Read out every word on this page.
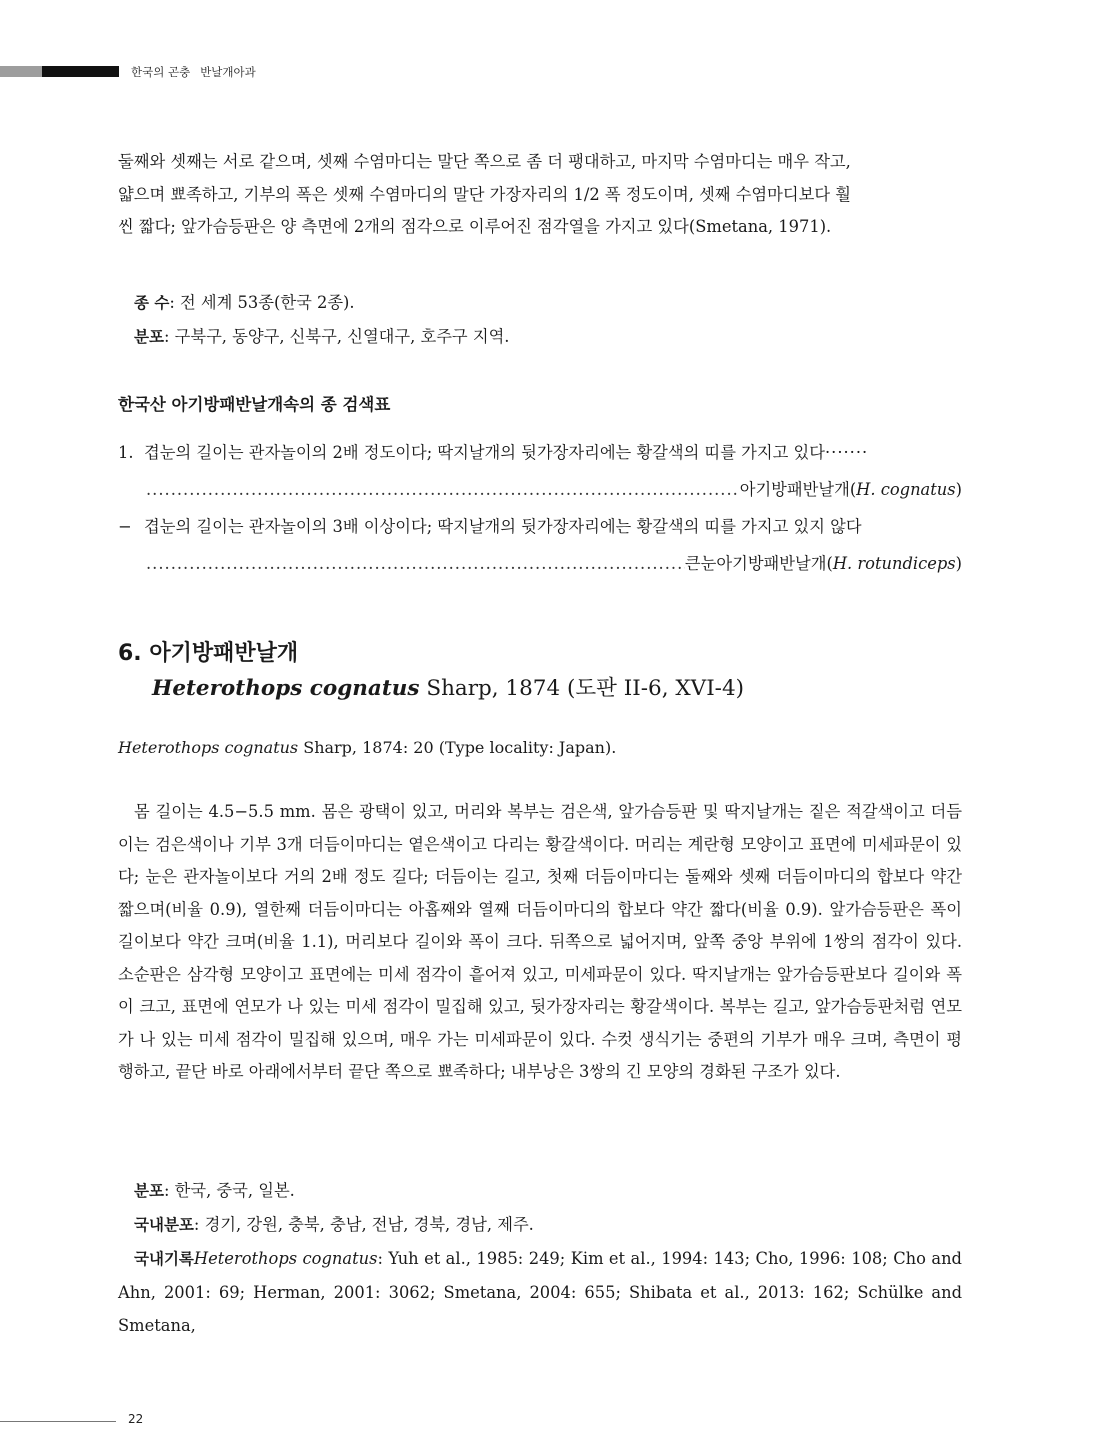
한국의 곤충 반날개아과
둘째와 셋째는 서로 같으며, 셋째 수염마디는 말단 쪽으로 좀 더 팽대하고, 마지막 수염마디는 매우 작고,
얇으며 뾰족하고, 기부의 폭은 셋째 수염마디의 말단 가장자리의 1/2 폭 정도이며, 셋째 수염마디보다 훨
씬 짧다; 앞가슴등판은 양 측면에 2개의 점각으로 이루어진 점각열을 가지고 있다(Smetana, 1971).
종 수: 전 세계 53종(한국 2종).
분포: 구북구, 동양구, 신북구, 신열대구, 호주구 지역.
한국산 아기방패반날개속의 종 검색표
1. 겹눈의 길이는 관자놀이의 2배 정도이다; 딱지날개의 뒷가장자리에는 황갈색의 띠를 가지고 있다·······
.....
아기방패반날개(H. cognatus)
− 겹눈의 길이는 관자놀이의 3배 이상이다; 딱지날개의 뒷가장자리에는 황갈색의 띠를 가지고 있지 않다
.....
큰눈아기방패반날개(H. rotundiceps)
6. 아기방패반날개
Heterothops cognatus Sharp, 1874 (도판 II-6, XVI-4)
Heterothops cognatus Sharp, 1874: 20 (Type locality: Japan).

몸 길이는 4.5−5.5 mm. 몸은 광택이 있고, 머리와 복부는 검은색, 앞가슴등판 및 딱지날개는 짙은 적갈색이고 더듬이는 검은색이나 기부 3개 더듬이마디는 옅은색이고 다리는 황갈색이다. 머리는 계란형 모양이고 표면에 미세파문이 있다; 눈은 관자놀이보다 거의 2배 정도 길다; 더듬이는 길고, 첫째 더듬이마디는 둘째와 셋째 더듬이마디의 합보다 약간 짧으며(비율 0.9), 열한째 더듬이마디는 아홉째와 열째 더듬이마디의 합보다 약간 짧다(비율 0.9). 앞가슴등판은 폭이 길이보다 약간 크며(비율 1.1), 머리보다 길이와 폭이 크다. 뒤쪽으로 넓어지며, 앞쪽 중앙 부위에 1쌍의 점각이 있다. 소순판은 삼각형 모양이고 표면에는 미세 점각이 흩어져 있고, 미세파문이 있다. 딱지날개는 앞가슴등판보다 길이와 폭이 크고, 표면에 연모가 나 있는 미세 점각이 밀집해 있고, 뒷가장자리는 황갈색이다. 복부는 길고, 앞가슴등판처럼 연모가 나 있는 미세 점각이 밀집해 있으며, 매우 가는 미세파문이 있다. 수컷 생식기는 중편의 기부가 매우 크며, 측면이 평행하고, 끝단 바로 아래에서부터 끝단 쪽으로 뾰족하다; 내부낭은 3쌍의 긴 모양의 경화된 구조가 있다.

분포: 한국, 중국, 일본.
국내분포: 경기, 강원, 충북, 충남, 전남, 경북, 경남, 제주.

국내기록Heterothops cognatus: Yuh et al., 1985: 249; Kim et al., 1994: 143; Cho, 1996: 108; Cho and Ahn, 2001: 69; Herman, 2001: 3062; Smetana, 2004: 655; Shibata et al., 2013: 162; Schülke and Smetana,

22
